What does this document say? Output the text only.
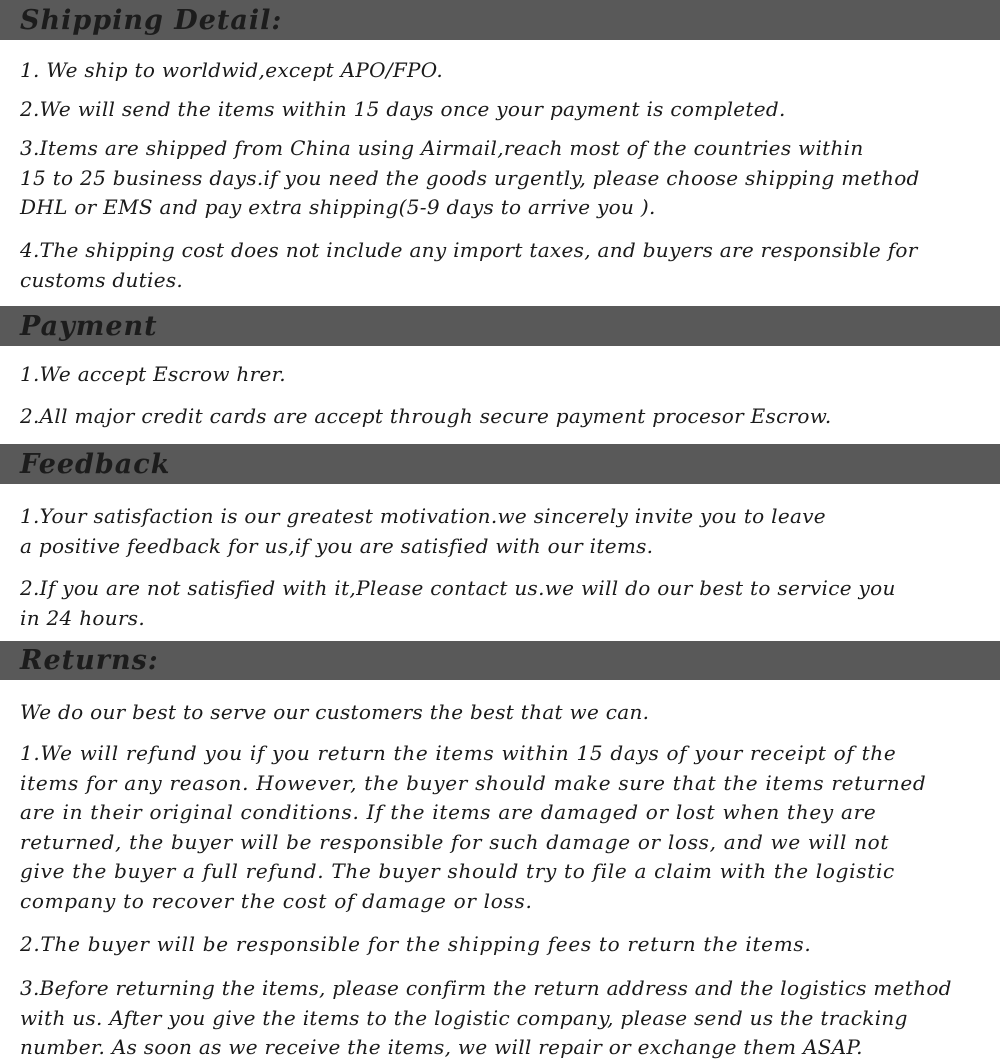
Shipping Detail:
1. We ship to worldwid,except APO/FPO.
2.We will send the items within 15 days once your payment is completed.
3.Items are shipped from China using Airmail,reach most of the countries within
15 to 25 business days.if you need the goods urgently, please choose shipping method
DHL or EMS and pay extra shipping(5-9 days to arrive you ).
4.The shipping cost does not include any import taxes, and buyers are responsible for
customs duties.
Payment
1.We accept Escrow hrer.
2.All major credit cards are accept through secure payment procesor Escrow.
Feedback
1.Your satisfaction is our greatest motivation.we sincerely invite you to leave
a positive feedback for us,if you are satisfied with our items.
2.If you are not satisfied with it,Please contact us.we will do our best to service you
in 24 hours.
Returns:
We do our best to serve our customers the best that we can.
1.We will refund you if you return the items within 15 days of your receipt of the
items for any reason. However, the buyer should make sure that the items returned
are in their original conditions. If the items are damaged or lost when they are
returned, the buyer will be responsible for such damage or loss, and we will not
give the buyer a full refund. The buyer should try to file a claim with the logistic
company to recover the cost of damage or loss.
2.The buyer will be responsible for the shipping fees to return the items.
3.Before returning the items, please confirm the return address and the logistics method
with us. After you give the items to the logistic company, please send us the tracking
number. As soon as we receive the items, we will repair or exchange them ASAP.
